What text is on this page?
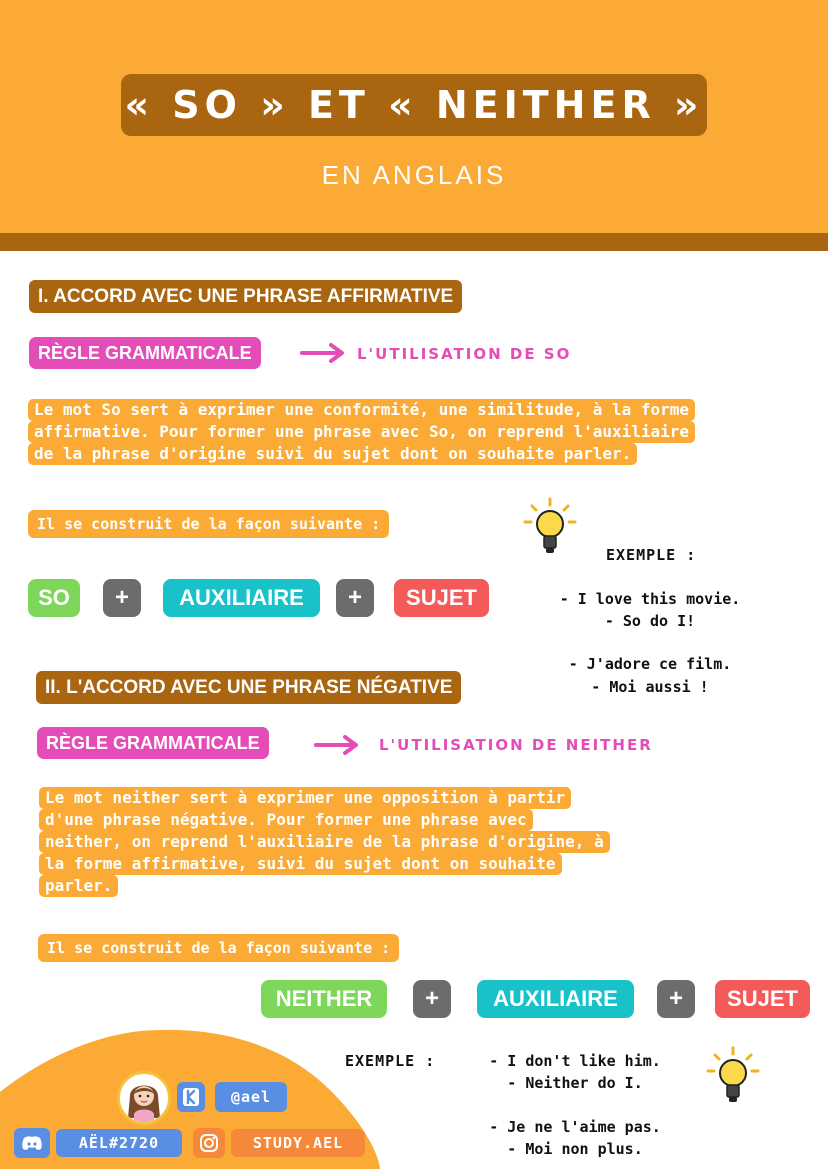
« SO » ET « NEITHER »
EN ANGLAIS
I. ACCORD AVEC UNE PHRASE AFFIRMATIVE
RÈGLE GRAMMATICALE	L'UTILISATION DE SO
Le mot So sert à exprimer une conformité, une similitude, à la forme
affirmative. Pour former une phrase avec So, on reprend l'auxiliaire
de la phrase d'origine suivi du sujet dont on souhaite parler.
Il se construit de la façon suivante :
SO	+	AUXILIAIRE	+	SUJET
EXEMPLE :
- I love this movie.
- So do I!
- J'adore ce film.
- Moi aussi !
II. L'ACCORD AVEC UNE PHRASE NÉGATIVE
RÈGLE GRAMMATICALE	L'UTILISATION DE NEITHER
Le mot neither sert à exprimer une opposition à partir
d'une phrase négative. Pour former une phrase avec
neither, on reprend l'auxiliaire de la phrase d'origine, à
la forme affirmative, suivi du sujet dont on souhaite
parler.
Il se construit de la façon suivante :
NEITHER	+	AUXILIAIRE	+	SUJET
@ael
AËL#2720	STUDY.AEL
EXEMPLE :	- I don't like him.
- Neither do I.
- Je ne l'aime pas.
- Moi non plus.
